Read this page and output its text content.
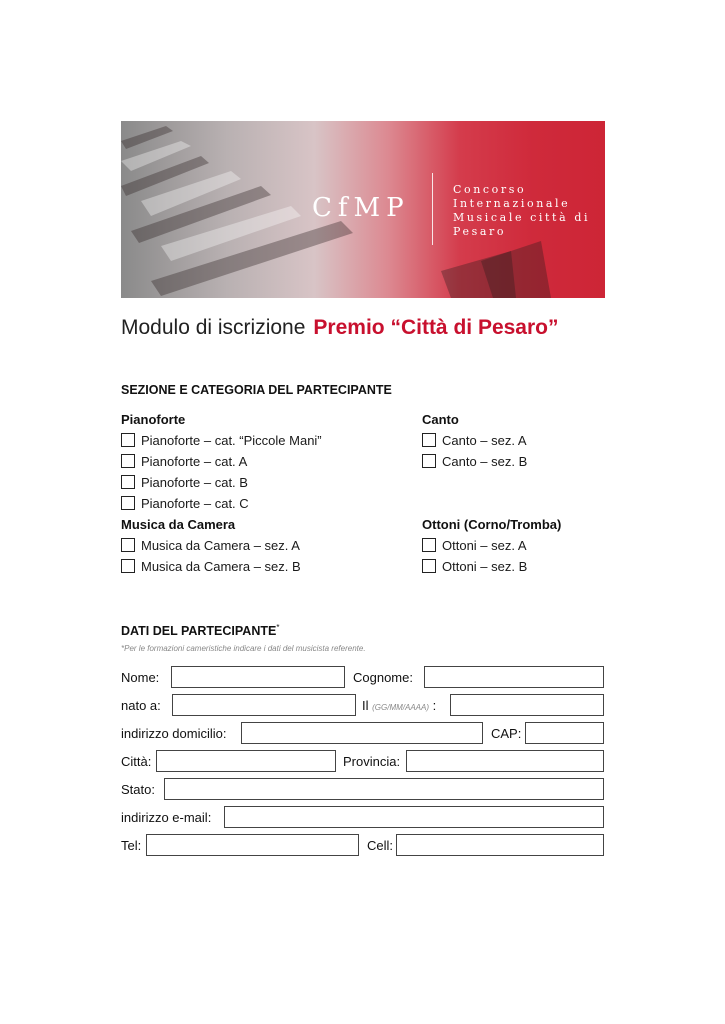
CfMP
Concorso
Internazionale
Musicale città di
Pesaro
Modulo di iscrizione Premio “Città di Pesaro”
SEZIONE E CATEGORIA DEL PARTECIPANTE
Pianoforte
Pianoforte – cat. “Piccole Mani”
Pianoforte – cat. A
Pianoforte – cat. B
Pianoforte – cat. C
Canto
Canto – sez. A
Canto – sez. B
Musica da Camera
Musica da Camera – sez. A
Musica da Camera – sez. B
Ottoni (Corno/Tromba)
Ottoni – sez. A
Ottoni – sez. B
DATI DEL PARTECIPANTE*
*Per le formazioni cameristiche indicare i dati del musicista referente.
Nome:	Cognome:
nato a:	Il (GG/MM/AAAA) :
indirizzo domicilio:	CAP:
Città:	Provincia:
Stato:
indirizzo e-mail:
Tel:	Cell:
